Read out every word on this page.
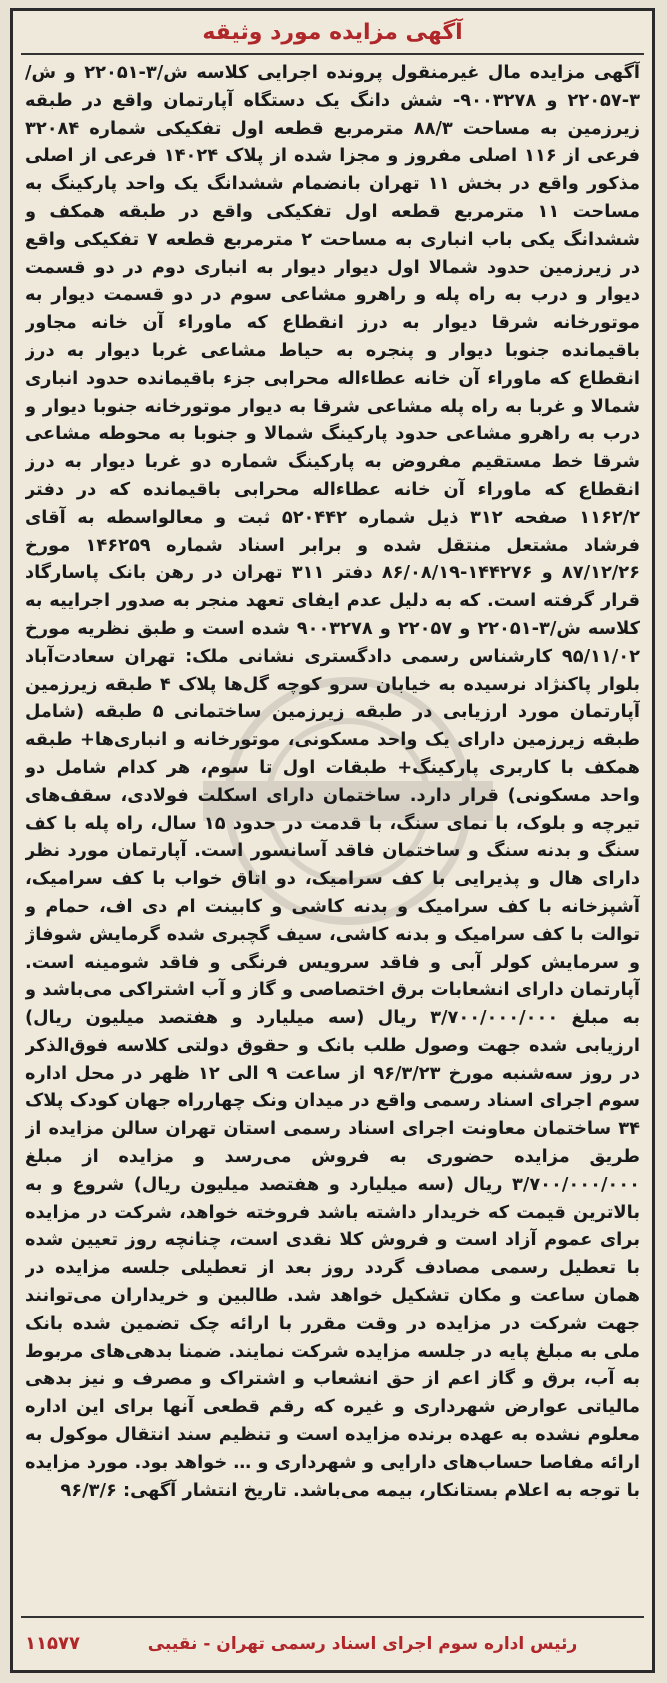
آگهی مزایده مورد وثیقه
آگهی مزایده مال غیرمنقول پرونده اجرایی کلاسه ش/۳-۲۲۰۵۱ و ش/۳-۲۲۰۵۷ و ۹۰۰۳۲۷۸- شش دانگ یک دستگاه آپارتمان واقع در طبقه زیرزمین به مساحت ۸۸/۳ مترمربع قطعه اول تفکیکی شماره ۳۲۰۸۴ فرعی از ۱۱۶ اصلی مفروز و مجزا شده از پلاک ۱۴۰۲۴ فرعی از اصلی مذکور واقع در بخش ۱۱ تهران بانضمام ششدانگ یک واحد پارکینگ به مساحت ۱۱ مترمربع قطعه اول تفکیکی واقع در طبقه همکف و ششدانگ یکی باب انباری به مساحت ۲ مترمربع قطعه ۷ تفکیکی واقع در زیرزمین حدود شمالا اول دیوار دیوار به انباری دوم در دو قسمت دیوار و درب به راه پله و راهرو مشاعی سوم در دو قسمت دیوار به موتورخانه شرقا دیوار به درز انقطاع که ماوراء آن خانه مجاور باقیمانده جنوبا دیوار و پنجره به حیاط مشاعی غربا دیوار به درز انقطاع که ماوراء آن خانه عطاءاله محرابی جزء باقیمانده حدود انباری شمالا و غربا به راه پله مشاعی شرقا به دیوار موتورخانه جنوبا دیوار و درب به راهرو مشاعی حدود پارکینگ شمالا و جنوبا به محوطه مشاعی شرقا خط مستقیم مفروض به پارکینگ شماره دو غربا دیوار به درز انقطاع که ماوراء آن خانه عطاءاله محرابی باقیمانده که در دفتر ۱۱۶۲/۲ صفحه ۳۱۲ ذیل شماره ۵۲۰۴۴۲ ثبت و معالواسطه به آقای فرشاد مشتعل منتقل شده و برابر اسناد شماره ۱۴۶۲۵۹ مورخ ۸۷/۱۲/۲۶ و ۱۴۴۲۷۶-۸۶/۰۸/۱۹ دفتر ۳۱۱ تهران در رهن بانک پاسارگاد قرار گرفته است. که به دلیل عدم ایفای تعهد منجر به صدور اجراییه به کلاسه ش/۳-۲۲۰۵۱ و ۲۲۰۵۷ و ۹۰۰۳۲۷۸ شده است و طبق نظریه مورخ ۹۵/۱۱/۰۲ کارشناس رسمی دادگستری نشانی ملک: تهران سعادت‌آباد بلوار پاکنژاد نرسیده به خیابان سرو کوچه گل‌ها پلاک ۴ طبقه زیرزمین آپارتمان مورد ارزیابی در طبقه زیرزمین ساختمانی ۵ طبقه (شامل طبقه زیرزمین دارای یک واحد مسکونی، موتورخانه و انباری‌ها+ طبقه همکف با کاربری پارکینگ+ طبقات اول تا سوم، هر کدام شامل دو واحد مسکونی) قرار دارد. ساختمان دارای اسکلت فولادی، سقف‌های تیرچه و بلوک، با نمای سنگ، با قدمت در حدود ۱۵ سال، راه پله با کف سنگ و بدنه سنگ و ساختمان فاقد آسانسور است. آپارتمان مورد نظر دارای هال و پذیرایی با کف سرامیک، دو اتاق خواب با کف سرامیک، آشپزخانه با کف سرامیک و بدنه کاشی و کابینت ام دی اف، حمام و توالت با کف سرامیک و بدنه کاشی، سیف گچبری شده گرمایش شوفاژ و سرمایش کولر آبی و فاقد سرویس فرنگی و فاقد شومینه است. آپارتمان دارای انشعابات برق اختصاصی و گاز و آب اشتراکی می‌باشد و به مبلغ ۳/۷۰۰/۰۰۰/۰۰۰ ریال (سه میلیارد و هفتصد میلیون ریال) ارزیابی شده جهت وصول طلب بانک و حقوق دولتی کلاسه فوق‌الذکر در روز سه‌شنبه مورخ ۹۶/۳/۲۳ از ساعت ۹ الی ۱۲ ظهر در محل اداره سوم اجرای اسناد رسمی واقع در میدان ونک چهارراه جهان کودک پلاک ۳۴ ساختمان معاونت اجرای اسناد رسمی استان تهران سالن مزایده از طریق مزایده حضوری به فروش می‌رسد و مزایده از مبلغ ۳/۷۰۰/۰۰۰/۰۰۰ ریال (سه میلیارد و هفتصد میلیون ریال) شروع و به بالاترین قیمت که خریدار داشته باشد فروخته خواهد، شرکت در مزایده برای عموم آزاد است و فروش کلا نقدی است، چنانچه روز تعیین شده با تعطیل رسمی مصادف گردد روز بعد از تعطیلی جلسه مزایده در همان ساعت و مکان تشکیل خواهد شد. طالبین و خریداران می‌توانند جهت شرکت در مزایده در وقت مقرر با ارائه چک تضمین شده بانک ملی به مبلغ پایه در جلسه مزایده شرکت نمایند. ضمنا بدهی‌های مربوط به آب، برق و گاز اعم از حق انشعاب و اشتراک و مصرف و نیز بدهی مالیاتی عوارض شهرداری و غیره که رقم قطعی آنها برای این اداره معلوم نشده به عهده برنده مزایده است و تنظیم سند انتقال موکول به ارائه مفاصا حساب‌های دارایی و شهرداری و … خواهد بود. مورد مزایده با توجه به اعلام بستانکار، بیمه می‌باشد. تاریخ انتشار آگهی: ۹۶/۳/۶
رئیس اداره سوم اجرای اسناد رسمی تهران - نقیبی
۱۱۵۷۷
